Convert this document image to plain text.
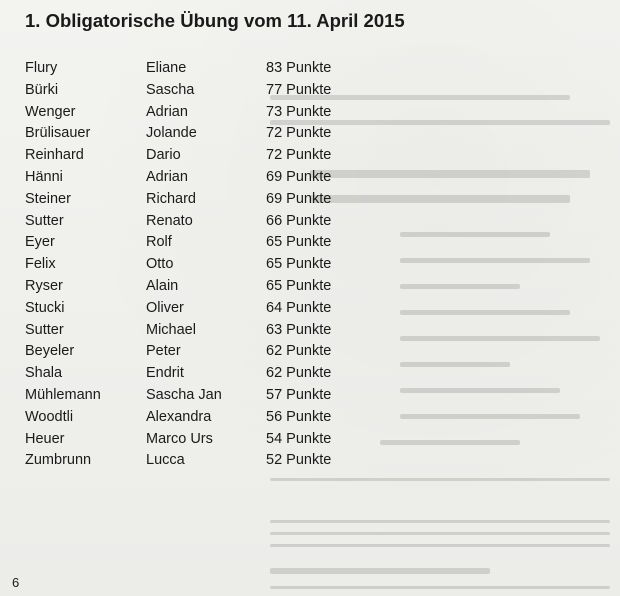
1. Obligatorische Übung vom 11. April 2015
Flury	Eliane	83 Punkte
Bürki	Sascha	77 Punkte
Wenger	Adrian	73 Punkte
Brülisauer	Jolande	72 Punkte
Reinhard	Dario	72 Punkte
Hänni	Adrian	69 Punkte
Steiner	Richard	69 Punkte
Sutter	Renato	66 Punkte
Eyer	Rolf	65 Punkte
Felix	Otto	65 Punkte
Ryser	Alain	65 Punkte
Stucki	Oliver	64 Punkte
Sutter	Michael	63 Punkte
Beyeler	Peter	62 Punkte
Shala	Endrit	62 Punkte
Mühlemann	Sascha Jan	57 Punkte
Woodtli	Alexandra	56 Punkte
Heuer	Marco Urs	54 Punkte
Zumbrunn	Lucca	52 Punkte
6
